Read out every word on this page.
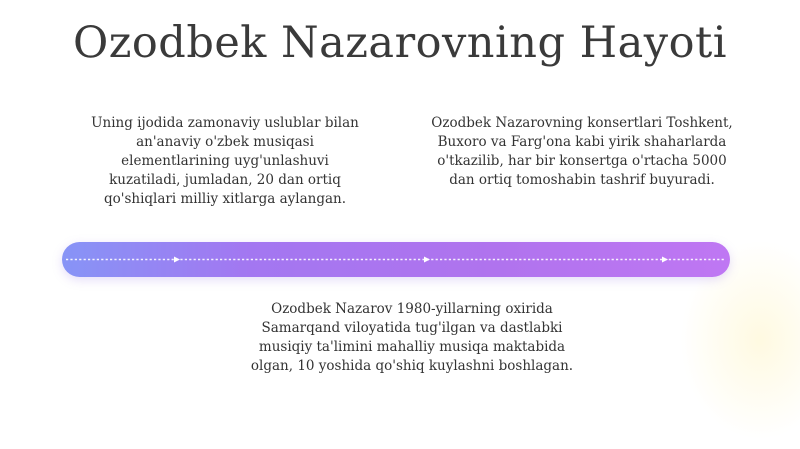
Ozodbek Nazarovning Hayoti
Uning ijodida zamonaviy uslublar bilan
an'anaviy o'zbek musiqasi
elementlarining uyg'unlashuvi
kuzatiladi, jumladan, 20 dan ortiq
qo'shiqlari milliy xitlarga aylangan.
Ozodbek Nazarovning konsertlari Toshkent,
Buxoro va Farg'ona kabi yirik shaharlarda
o'tkazilib, har bir konsertga o'rtacha 5000
dan ortiq tomoshabin tashrif buyuradi.
Ozodbek Nazarov 1980-yillarning oxirida
Samarqand viloyatida tug'ilgan va dastlabki
musiqiy ta'limini mahalliy musiqa maktabida
olgan, 10 yoshida qo'shiq kuylashni boshlagan.
